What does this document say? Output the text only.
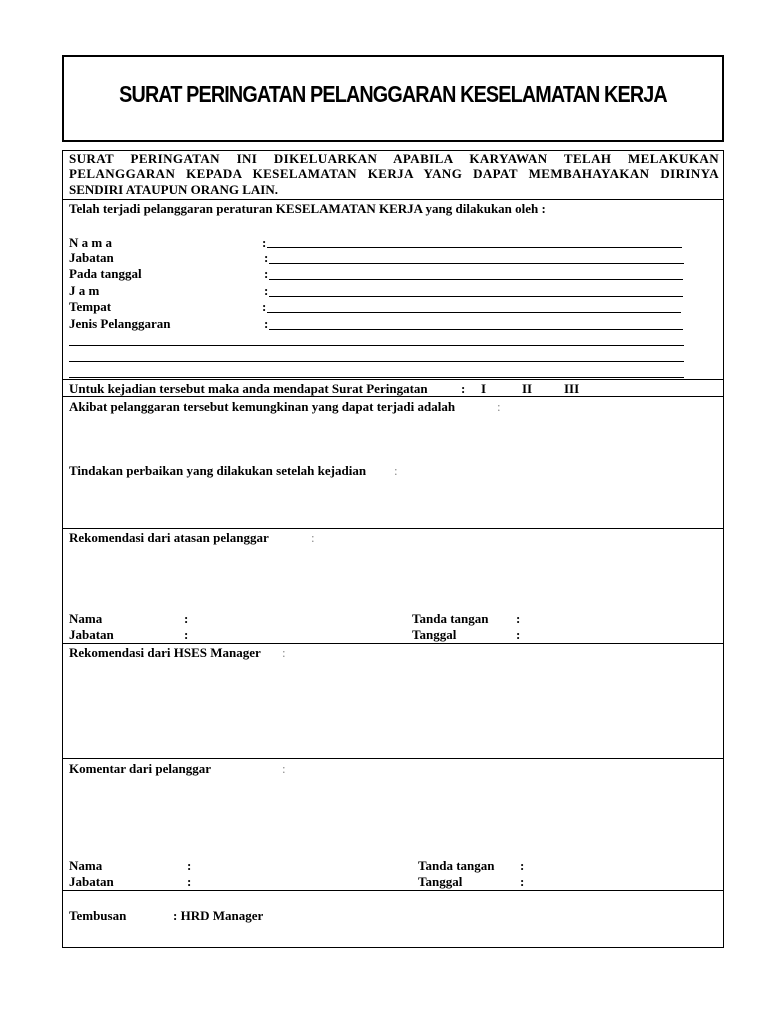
SURAT PERINGATAN PELANGGARAN KESELAMATAN KERJA
SURAT PERINGATAN INI DIKELUARKAN APABILA KARYAWAN TELAH MELAKUKAN
PELANGGARAN KEPADA KESELAMATAN KERJA YANG DAPAT MEMBAHAYAKAN DIRINYA
SENDIRI ATAUPUN ORANG LAIN.
Telah terjadi pelanggaran peraturan KESELAMATAN KERJA yang dilakukan oleh :
N a m a	:
Jabatan	:
Pada tanggal	:
J a m	:
Tempat	:
Jenis Pelanggaran	:
Untuk kejadian tersebut maka anda mendapat Surat Peringatan	: I	II III
Akibat pelanggaran tersebut kemungkinan yang dapat terjadi adalah	:
Tindakan perbaikan yang dilakukan setelah kejadian :
Rekomendasi dari atasan pelanggar	:
Nama	:	Tanda tangan :
Jabatan	:	Tanggal	:
Rekomendasi dari HSES Manager :
Komentar dari pelanggar	:
Nama	:	Tanda tangan :
Jabatan	:	Tanggal	:
Tembusan	: HRD Manager
